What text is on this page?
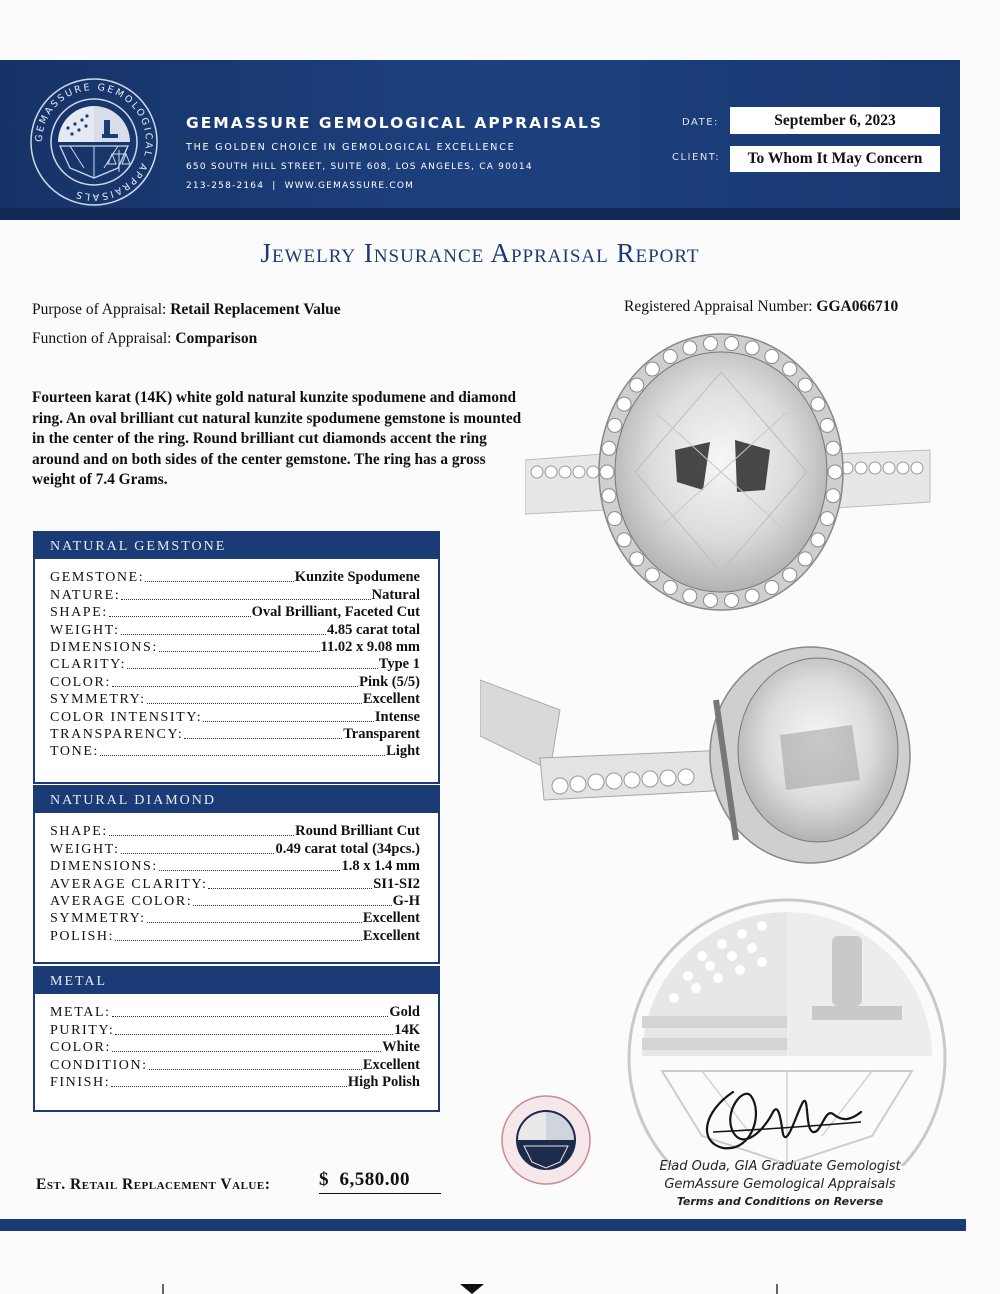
GEMASSURE GEMOLOGICAL APPRAISALS
GEMASSURE GEMOLOGICAL APPRAISALS
THE GOLDEN CHOICE IN GEMOLOGICAL EXCELLENCE
650 SOUTH HILL STREET, SUITE 608, LOS ANGELES, CA 90014
213-258-2164 | WWW.GEMASSURE.COM
DATE:	September 6, 2023
CLIENT:	To Whom It May Concern
Jewelry Insurance Appraisal Report
Purpose of Appraisal: Retail Replacement Value
Function of Appraisal: Comparison
Registered Appraisal Number: GGA066710
Fourteen karat (14K) white gold natural kunzite spodumene and diamond ring. An oval brilliant cut natural kunzite spodumene gemstone is mounted in the center of the ring. Round brilliant cut diamonds accent the ring around and on both sides of the center gemstone. The ring has a gross weight of 7.4 Grams.
NATURAL GEMSTONE
GEMSTONE:	Kunzite Spodumene
NATURE:	Natural
SHAPE:	Oval Brilliant, Faceted Cut
WEIGHT:	4.85 carat total
DIMENSIONS:	11.02 x 9.08 mm
CLARITY:	Type 1
COLOR:	Pink (5/5)
SYMMETRY:	Excellent
COLOR INTENSITY:	Intense
TRANSPARENCY:	Transparent
TONE:	Light
NATURAL DIAMOND
SHAPE:	Round Brilliant Cut
WEIGHT:	0.49 carat total (34pcs.)
DIMENSIONS:	1.8 x 1.4 mm
AVERAGE CLARITY:	SI1-SI2
AVERAGE COLOR:	G-H
SYMMETRY:	Excellent
POLISH:	Excellent
METAL
METAL:	Gold
PURITY:	14K
COLOR:	White
CONDITION:	Excellent
FINISH:	High Polish
Est. Retail Replacement Value:	$ 6,580.00
Elad Ouda, GIA Graduate Gemologist
GemAssure Gemological Appraisals
Terms and Conditions on Reverse
